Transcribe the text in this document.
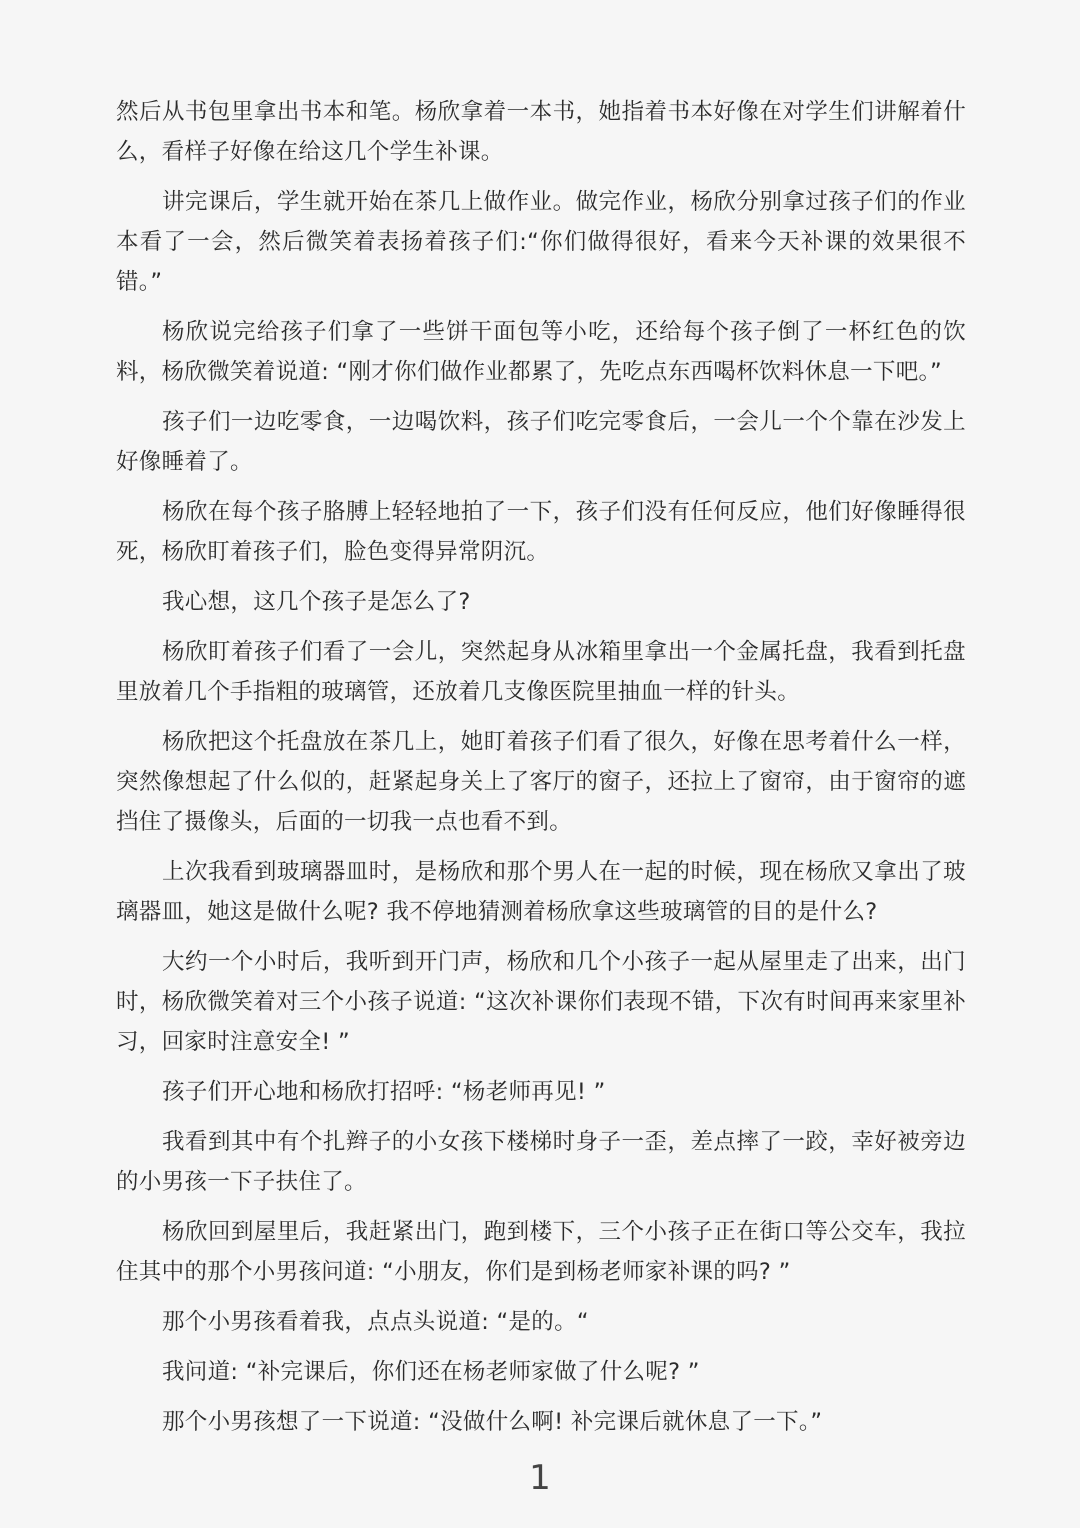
然后从书包里拿出书本和笔。杨欣拿着一本书，她指着书本好像在对学生们讲解着什么，看样子好像在给这几个学生补课。

讲完课后，学生就开始在茶几上做作业。做完作业，杨欣分别拿过孩子们的作业本看了一会，然后微笑着表扬着孩子们:“你们做得很好，看来今天补课的效果很不错。”

杨欣说完给孩子们拿了一些饼干面包等小吃，还给每个孩子倒了一杯红色的饮料，杨欣微笑着说道: “刚才你们做作业都累了，先吃点东西喝杯饮料休息一下吧。”

孩子们一边吃零食，一边喝饮料，孩子们吃完零食后，一会儿一个个靠在沙发上好像睡着了。

杨欣在每个孩子胳膊上轻轻地拍了一下，孩子们没有任何反应，他们好像睡得很死，杨欣盯着孩子们，脸色变得异常阴沉。

我心想，这几个孩子是怎么了?

杨欣盯着孩子们看了一会儿，突然起身从冰箱里拿出一个金属托盘，我看到托盘里放着几个手指粗的玻璃管，还放着几支像医院里抽血一样的针头。

杨欣把这个托盘放在茶几上，她盯着孩子们看了很久，好像在思考着什么一样，突然像想起了什么似的，赶紧起身关上了客厅的窗子，还拉上了窗帘，由于窗帘的遮挡住了摄像头，后面的一切我一点也看不到。

上次我看到玻璃器皿时，是杨欣和那个男人在一起的时候，现在杨欣又拿出了玻璃器皿，她这是做什么呢? 我不停地猜测着杨欣拿这些玻璃管的目的是什么?

大约一个小时后，我听到开门声，杨欣和几个小孩子一起从屋里走了出来，出门时，杨欣微笑着对三个小孩子说道: “这次补课你们表现不错，下次有时间再来家里补习，回家时注意安全! ”

孩子们开心地和杨欣打招呼: “杨老师再见! ”

我看到其中有个扎辫子的小女孩下楼梯时身子一歪，差点摔了一跤，幸好被旁边的小男孩一下子扶住了。

杨欣回到屋里后，我赶紧出门，跑到楼下，三个小孩子正在街口等公交车，我拉住其中的那个小男孩问道: “小朋友，你们是到杨老师家补课的吗? ”

那个小男孩看着我，点点头说道: “是的。“

我问道: “补完课后，你们还在杨老师家做了什么呢? ”

那个小男孩想了一下说道: “没做什么啊! 补完课后就休息了一下。”

1
